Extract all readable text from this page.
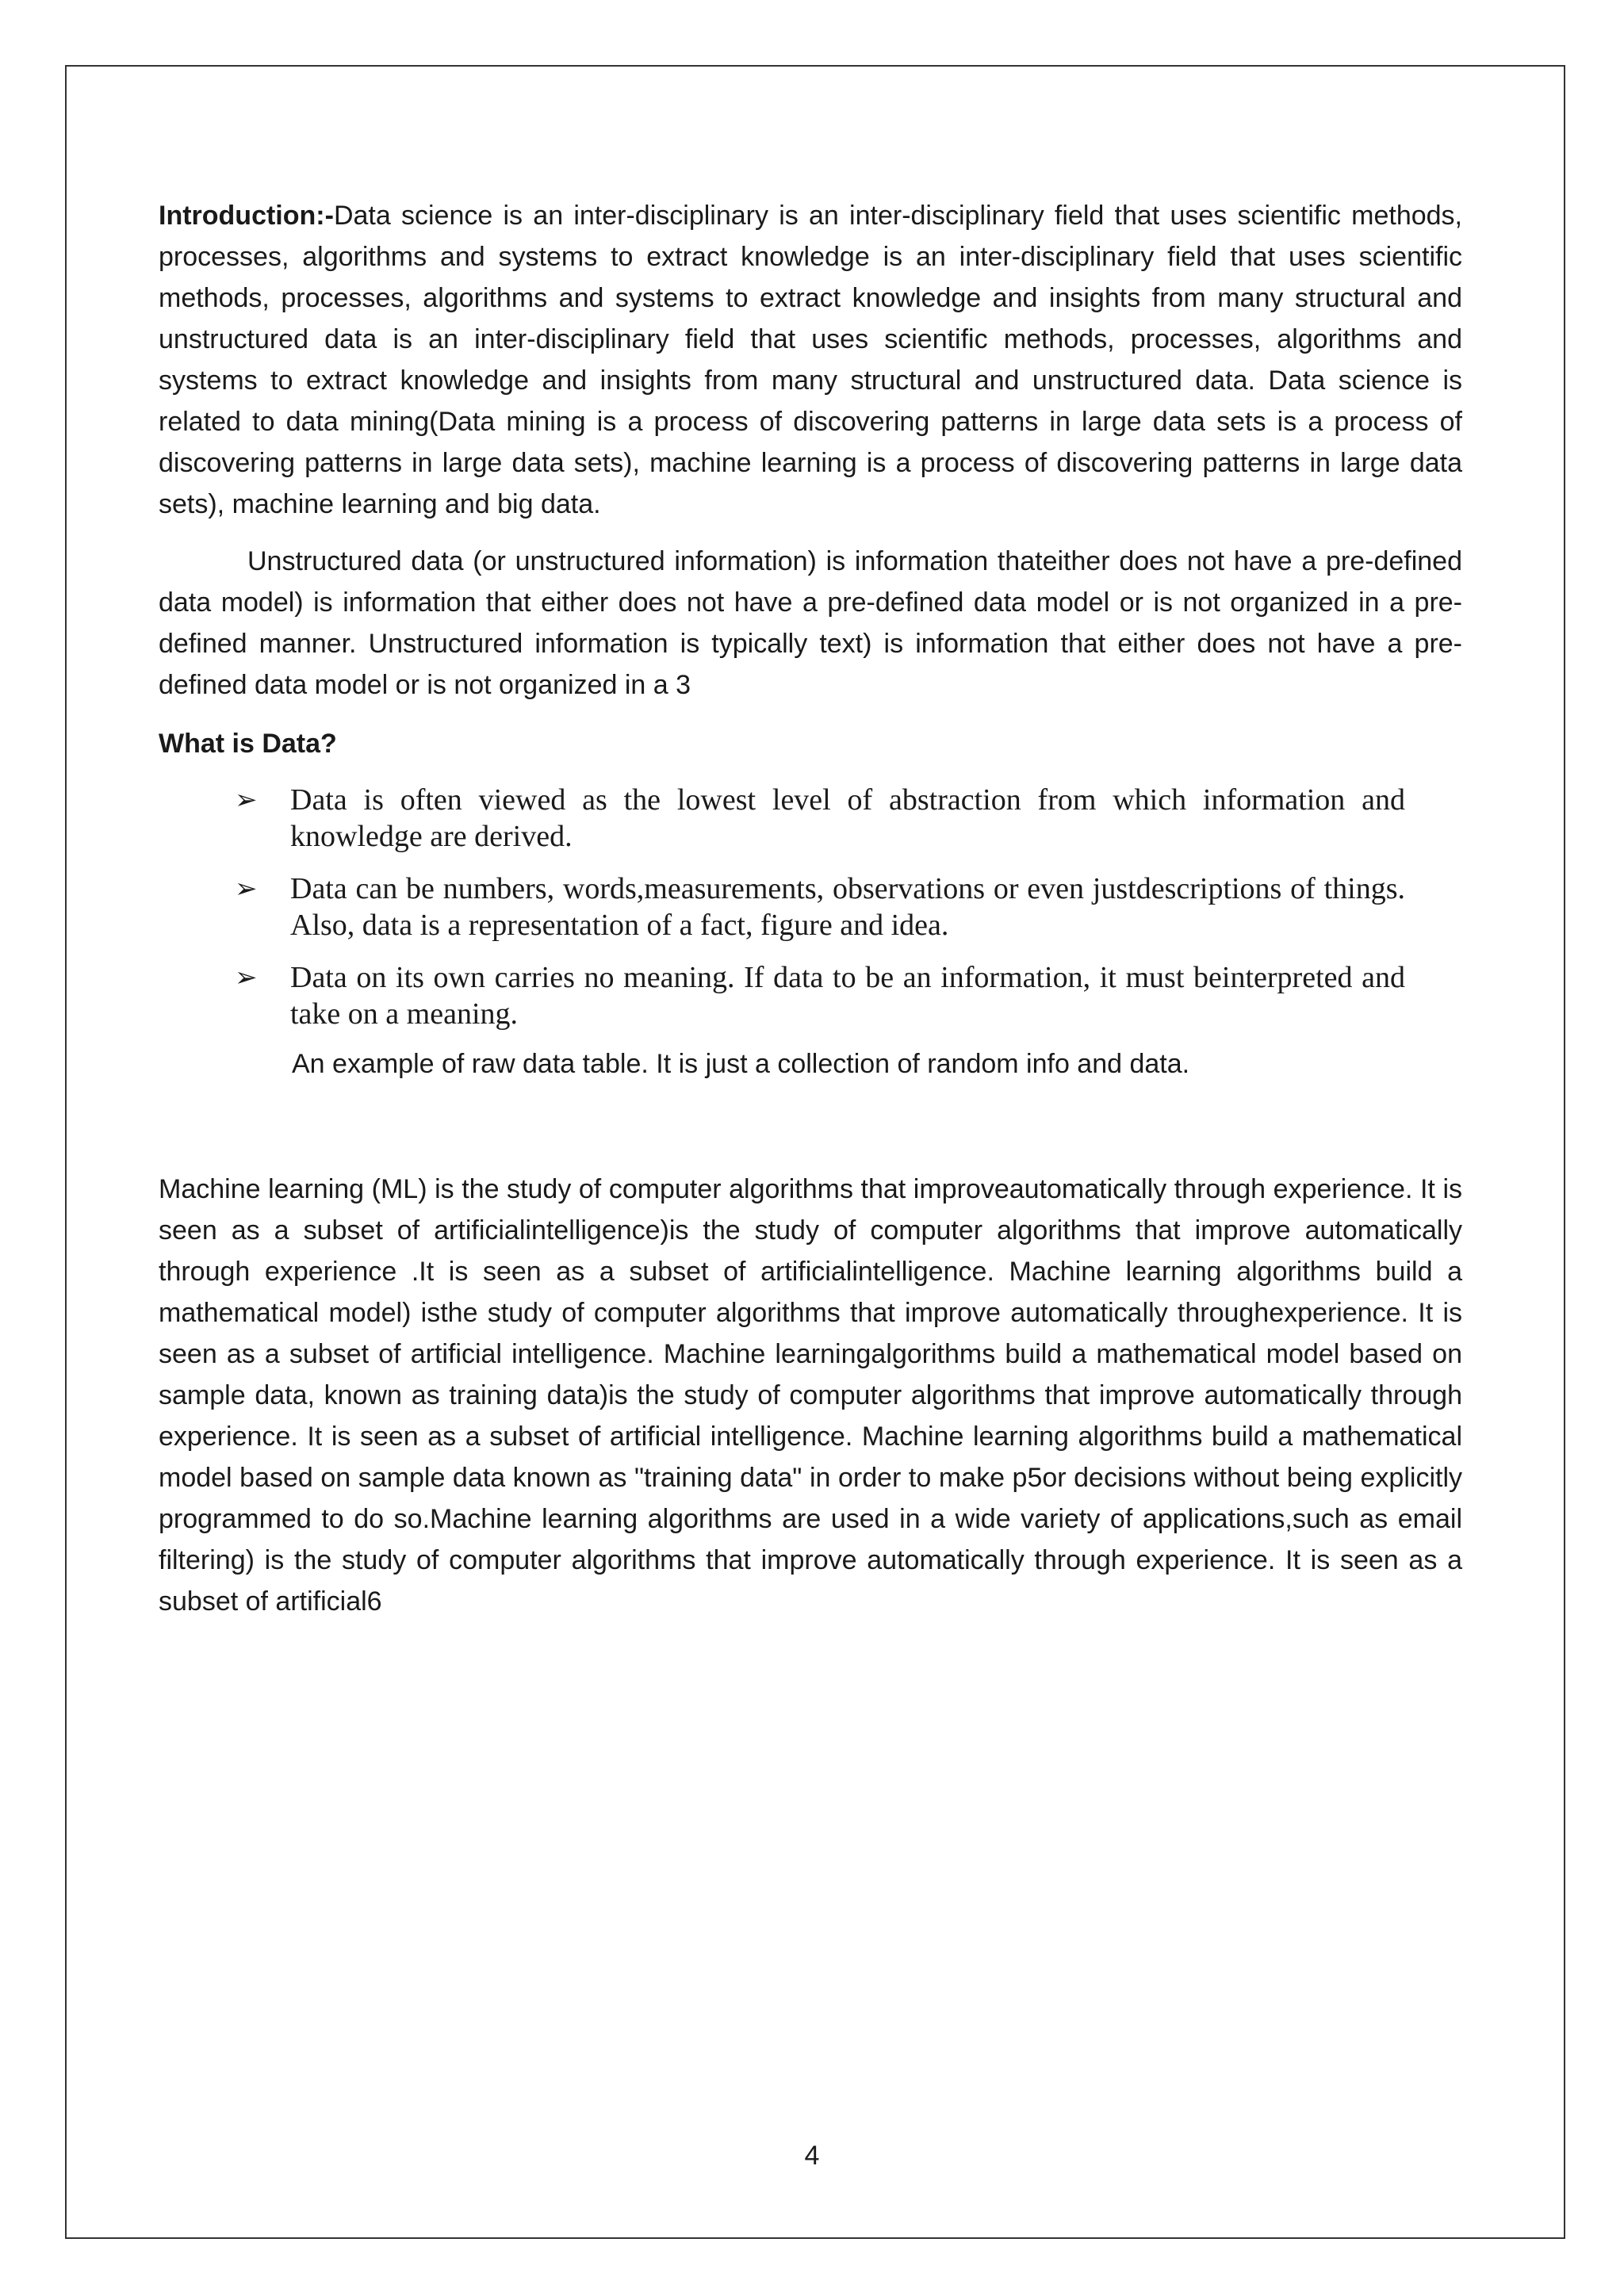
Introduction:-Data science is an inter-disciplinary is an inter-disciplinary field that uses scientific methods, processes, algorithms and systems to extract knowledge is an inter-disciplinary field that uses scientific methods, processes, algorithms and systems to extract knowledge and insights from many structural and unstructured data is an inter-disciplinary field that uses scientific methods, processes, algorithms and systems to extract knowledge and insights from many structural and unstructured data. Data science is related to data mining(Data mining is a process of discovering patterns in large data sets is a process of discovering patterns in large data sets), machine learning is a process of discovering patterns in large data sets), machine learning and big data.

Unstructured data (or unstructured information) is information thateither does not have a pre-defined data model) is information that either does not have a pre-defined data model or is not organized in a pre-defined manner. Unstructured information is typically text) is information that either does not have a pre-defined data model or is not organized in a 3

What is Data?

➢ Data is often viewed as the lowest level of abstraction from which information and knowledge are derived.
➢ Data can be numbers, words,measurements, observations or even justdescriptions of things. Also, data is a representation of a fact, figure and idea.
➢ Data on its own carries no meaning. If data to be an information, it must beinterpreted and take on a meaning.

An example of raw data table. It is just a collection of random info and data.

Machine learning (ML) is the study of computer algorithms that improveautomatically through experience. It is seen as a subset of artificialintelligence)is the study of computer algorithms that improve automatically through experience .It is seen as a subset of artificialintelligence. Machine learning algorithms build a mathematical model) isthe study of computer algorithms that improve automatically throughexperience. It is seen as a subset of artificial intelligence. Machine learningalgorithms build a mathematical model based on sample data, known as training data)is the study of computer algorithms that improve automatically through experience. It is seen as a subset of artificial intelligence. Machine learning algorithms build a mathematical model based on sample data known as "training data" in order to make p5or decisions without being explicitly programmed to do so.Machine learning algorithms are used in a wide variety of applications,such as email filtering) is the study of computer algorithms that improve automatically through experience. It is seen as a subset of artificial6

4
